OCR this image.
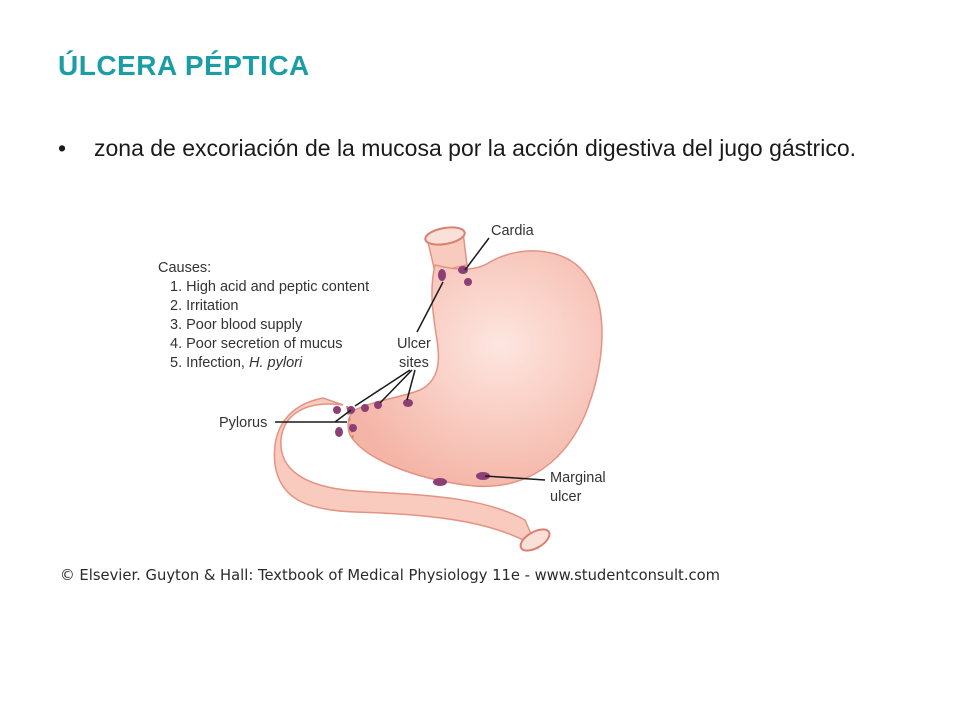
ÚLCERA PÉPTICA
•	zona de excoriación de la mucosa por la acción digestiva del jugo gástrico.
Causes:
1. High acid and peptic content
2. Irritation
3. Poor blood supply
4. Poor secretion of mucus
5. Infection, H. pylori
Cardia
Ulcer
sites
Pylorus
Marginal
ulcer
© Elsevier. Guyton & Hall: Textbook of Medical Physiology 11e - www.studentconsult.com
